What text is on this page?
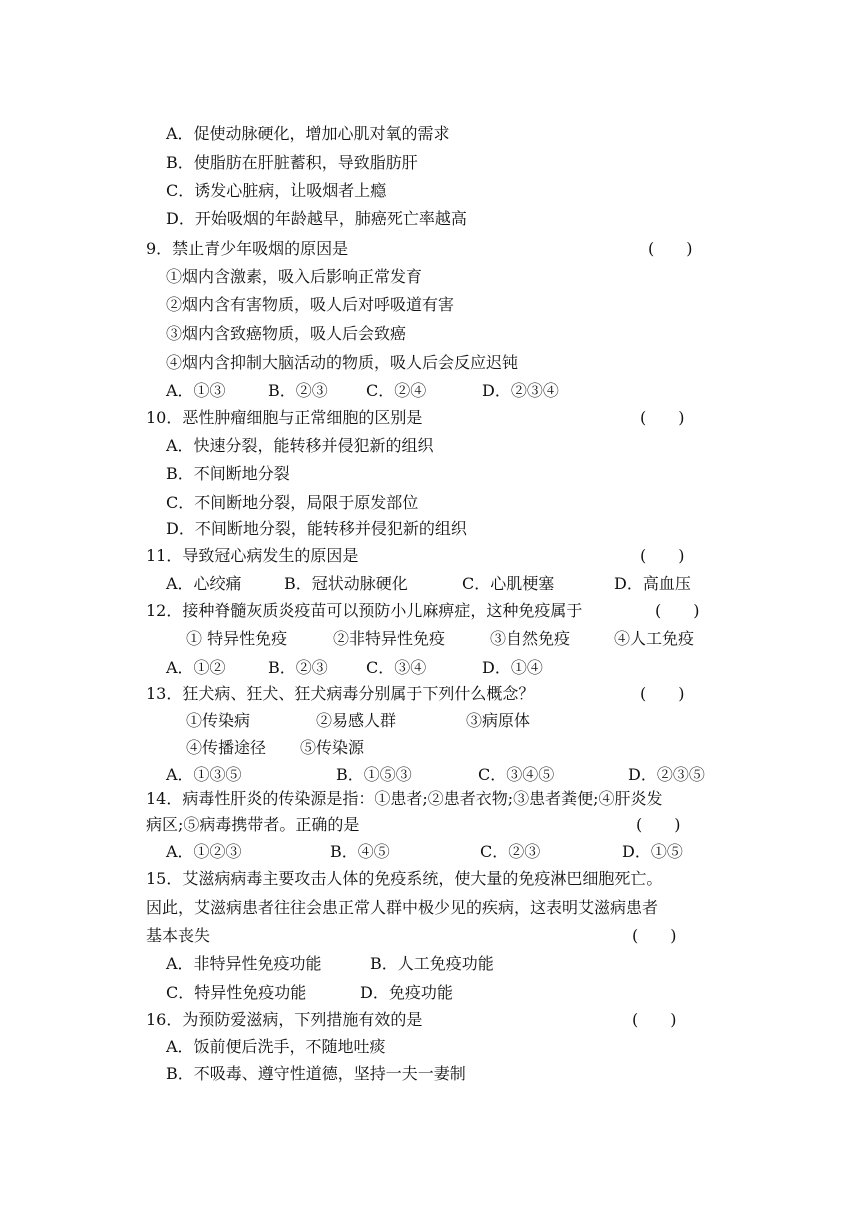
A．促使动脉硬化，增加心肌对氧的需求
B．使脂肪在肝脏蓄积，导致脂肪肝
C．诱发心脏病，让吸烟者上瘾
D．开始吸烟的年龄越早，肺癌死亡率越高
9．禁止青少年吸烟的原因是	(　　)
①烟内含激素，吸入后影响正常发育
②烟内含有害物质，吸人后对呼吸道有害
③烟内含致癌物质，吸人后会致癌
④烟内含抑制大脑活动的物质，吸人后会反应迟钝
A．①③	B．②③ C．②④	D．②③④
10．恶性肿瘤细胞与正常细胞的区别是	(　　)
A．快速分裂，能转移并侵犯新的组织
B．不间断地分裂
C．不间断地分裂，局限于原发部位
D．不间断地分裂，能转移并侵犯新的组织
11．导致冠心病发生的原因是	(　　)
A．心绞痛	B．冠状动脉硬化	C．心肌梗塞	D．高血压
12．接种脊髓灰质炎疫苗可以预防小儿麻痹症，这种免疫属于	(　　)
① 特异性免疫	②非特异性免疫	③自然免疫	④人工免疫
A．①②	B．②③ C．③④	D．①④
13．狂犬病、狂犬、狂犬病毒分别属于下列什么概念？	(　　)
①传染病	②易感人群	③病原体
④传播途径 ⑤传染源
A．①③⑤	B．①⑤③	C．③④⑤	D．②③⑤
14．病毒性肝炎的传染源是指：①患者;②患者衣物;③患者粪便;④肝炎发
病区;⑤病毒携带者。正确的是	(　　)
A．①②③	B．④⑤	C．②③	D．①⑤
15．艾滋病病毒主要攻击人体的免疫系统，使大量的免疫淋巴细胞死亡。
因此，艾滋病患者往往会患正常人群中极少见的疾病，这表明艾滋病患者
基本丧失	(　　)
A．非特异性免疫功能	B．人工免疫功能
C．特异性免疫功能	D．免疫功能
16．为预防爱滋病，下列措施有效的是	(　　)
A．饭前便后洗手，不随地吐痰
B．不吸毒、遵守性道德，坚持一夫一妻制
